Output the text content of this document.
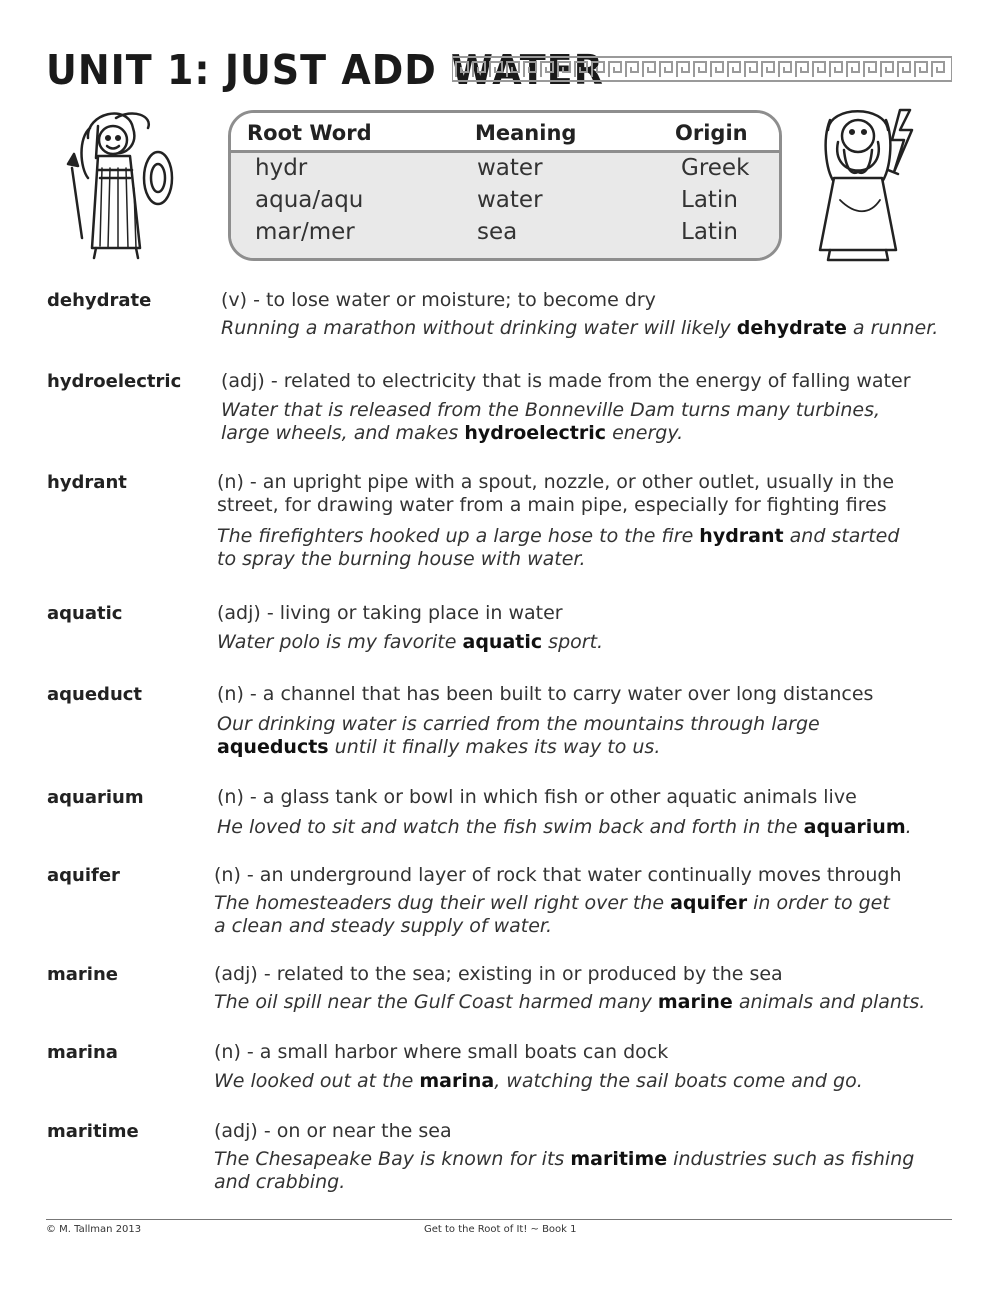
UNIT 1: JUST ADD WATER
Root Word	Meaning	Origin
hydr	water	Greek
aqua/aqu	water	Latin
mar/mer	sea	Latin
dehydrate	(v) - to lose water or moisture; to become dry
Running a marathon without drinking water will likely dehydrate a runner.
hydroelectric (adj) - related to electricity that is made from the energy of falling water
Water that is released from the Bonneville Dam turns many turbines, large wheels, and makes hydroelectric energy.
hydrant	(n) - an upright pipe with a spout, nozzle, or other outlet, usually in the street, for drawing water from a main pipe, especially for fighting fires
The firefighters hooked up a large hose to the fire hydrant and started to spray the burning house with water.
aquatic	(adj) - living or taking place in water
Water polo is my favorite aquatic sport.
aqueduct	(n) - a channel that has been built to carry water over long distances
Our drinking water is carried from the mountains through large aqueducts until it finally makes its way to us.
aquarium	(n) - a glass tank or bowl in which fish or other aquatic animals live
He loved to sit and watch the fish swim back and forth in the aquarium.
aquifer	(n) - an underground layer of rock that water continually moves through
The homesteaders dug their well right over the aquifer in order to get a clean and steady supply of water.
marine	(adj) - related to the sea; existing in or produced by the sea
The oil spill near the Gulf Coast harmed many marine animals and plants.
marina	(n) - a small harbor where small boats can dock
We looked out at the marina, watching the sail boats come and go.
maritime	(adj) - on or near the sea
The Chesapeake Bay is known for its maritime industries such as fishing and crabbing.
© M. Tallman 2013	Get to the Root of It! ~ Book 1
